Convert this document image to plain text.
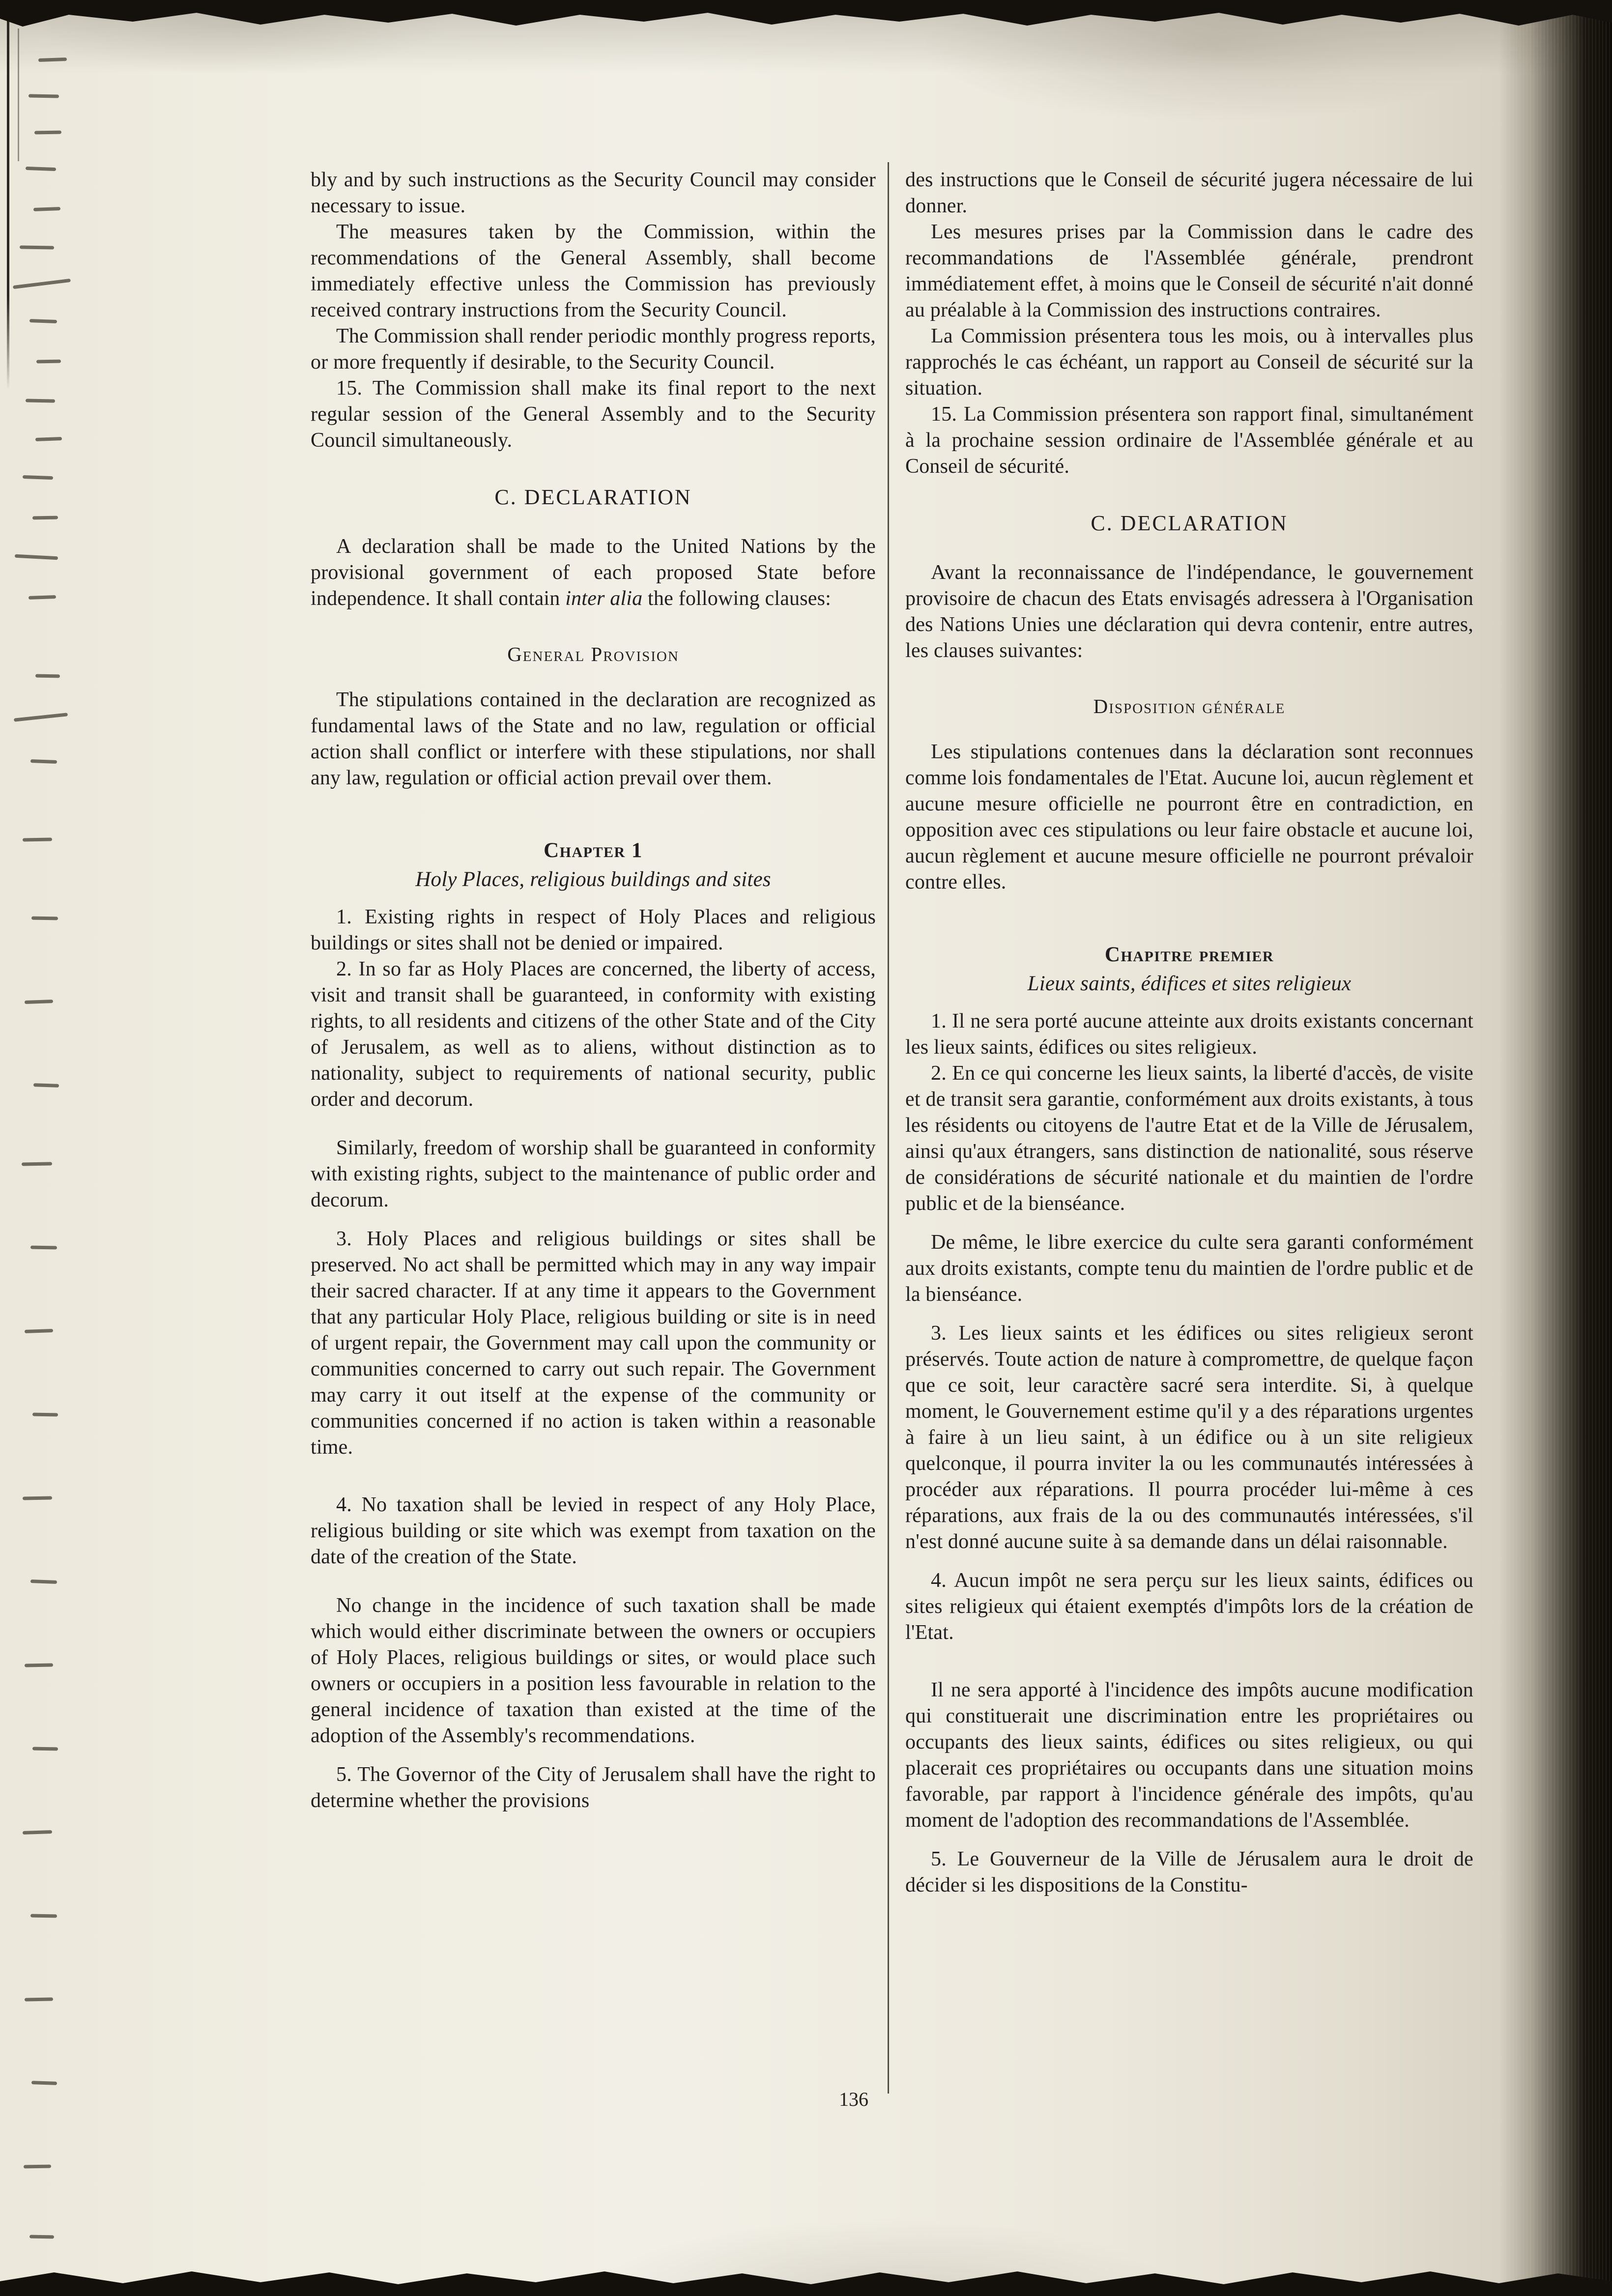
bly and by such instructions as the Security Council may consider necessary to issue.
The measures taken by the Commission, within the recommendations of the General Assembly, shall become immediately effective unless the Commission has previously received contrary instructions from the Security Council.
The Commission shall render periodic monthly progress reports, or more frequently if desirable, to the Security Council.
15. The Commission shall make its final report to the next regular session of the General Assembly and to the Security Council simultaneously.
C. DECLARATION
A declaration shall be made to the United Nations by the provisional government of each proposed State before independence. It shall contain inter alia the following clauses:
General Provision
The stipulations contained in the declaration are recognized as fundamental laws of the State and no law, regulation or official action shall conflict or interfere with these stipulations, nor shall any law, regulation or official action prevail over them.
Chapter 1
Holy Places, religious buildings and sites
1. Existing rights in respect of Holy Places and religious buildings or sites shall not be denied or impaired.
2. In so far as Holy Places are concerned, the liberty of access, visit and transit shall be guaranteed, in conformity with existing rights, to all residents and citizens of the other State and of the City of Jerusalem, as well as to aliens, without distinction as to nationality, subject to requirements of national security, public order and decorum.
Similarly, freedom of worship shall be guaranteed in conformity with existing rights, subject to the maintenance of public order and decorum.
3. Holy Places and religious buildings or sites shall be preserved. No act shall be permitted which may in any way impair their sacred character. If at any time it appears to the Government that any particular Holy Place, religious building or site is in need of urgent repair, the Government may call upon the community or communities concerned to carry out such repair. The Government may carry it out itself at the expense of the community or communities concerned if no action is taken within a reasonable time.
4. No taxation shall be levied in respect of any Holy Place, religious building or site which was exempt from taxation on the date of the creation of the State.
No change in the incidence of such taxation shall be made which would either discriminate between the owners or occupiers of Holy Places, religious buildings or sites, or would place such owners or occupiers in a position less favourable in relation to the general incidence of taxation than existed at the time of the adoption of the Assembly's recommendations.
5. The Governor of the City of Jerusalem shall have the right to determine whether the provisions
des instructions que le Conseil de sécurité jugera nécessaire de lui donner.
Les mesures prises par la Commission dans le cadre des recommandations de l'Assemblée générale, prendront immédiatement effet, à moins que le Conseil de sécurité n'ait donné au préalable à la Commission des instructions contraires.
La Commission présentera tous les mois, ou à intervalles plus rapprochés le cas échéant, un rapport au Conseil de sécurité sur la situation.
15. La Commission présentera son rapport final, simultanément à la prochaine session ordinaire de l'Assemblée générale et au Conseil de sécurité.
C. DECLARATION
Avant la reconnaissance de l'indépendance, le gouvernement provisoire de chacun des Etats envisagés adressera à l'Organisation des Nations Unies une déclaration qui devra contenir, entre autres, les clauses suivantes:
Disposition générale
Les stipulations contenues dans la déclaration sont reconnues comme lois fondamentales de l'Etat. Aucune loi, aucun règlement et aucune mesure officielle ne pourront être en contradiction, en opposition avec ces stipulations ou leur faire obstacle et aucune loi, aucun règlement et aucune mesure officielle ne pourront prévaloir contre elles.
Chapitre premier
Lieux saints, édifices et sites religieux
1. Il ne sera porté aucune atteinte aux droits existants concernant les lieux saints, édifices ou sites religieux.
2. En ce qui concerne les lieux saints, la liberté d'accès, de visite et de transit sera garantie, conformément aux droits existants, à tous les résidents ou citoyens de l'autre Etat et de la Ville de Jérusalem, ainsi qu'aux étrangers, sans distinction de nationalité, sous réserve de considérations de sécurité nationale et du maintien de l'ordre public et de la bienséance.
De même, le libre exercice du culte sera garanti conformément aux droits existants, compte tenu du maintien de l'ordre public et de la bienséance.
3. Les lieux saints et les édifices ou sites religieux seront préservés. Toute action de nature à compromettre, de quelque façon que ce soit, leur caractère sacré sera interdite. Si, à quelque moment, le Gouvernement estime qu'il y a des réparations urgentes à faire à un lieu saint, à un édifice ou à un site religieux quelconque, il pourra inviter la ou les communautés intéressées à procéder aux réparations. Il pourra procéder lui-même à ces réparations, aux frais de la ou des communautés intéressées, s'il n'est donné aucune suite à sa demande dans un délai raisonnable.
4. Aucun impôt ne sera perçu sur les lieux saints, édifices ou sites religieux qui étaient exemptés d'impôts lors de la création de l'Etat.
Il ne sera apporté à l'incidence des impôts aucune modification qui constituerait une discrimination entre les propriétaires ou occupants des lieux saints, édifices ou sites religieux, ou qui placerait ces propriétaires ou occupants dans une situation moins favorable, par rapport à l'incidence générale des impôts, qu'au moment de l'adoption des recommandations de l'Assemblée.
5. Le Gouverneur de la Ville de Jérusalem aura le droit de décider si les dispositions de la Constitu-
136
